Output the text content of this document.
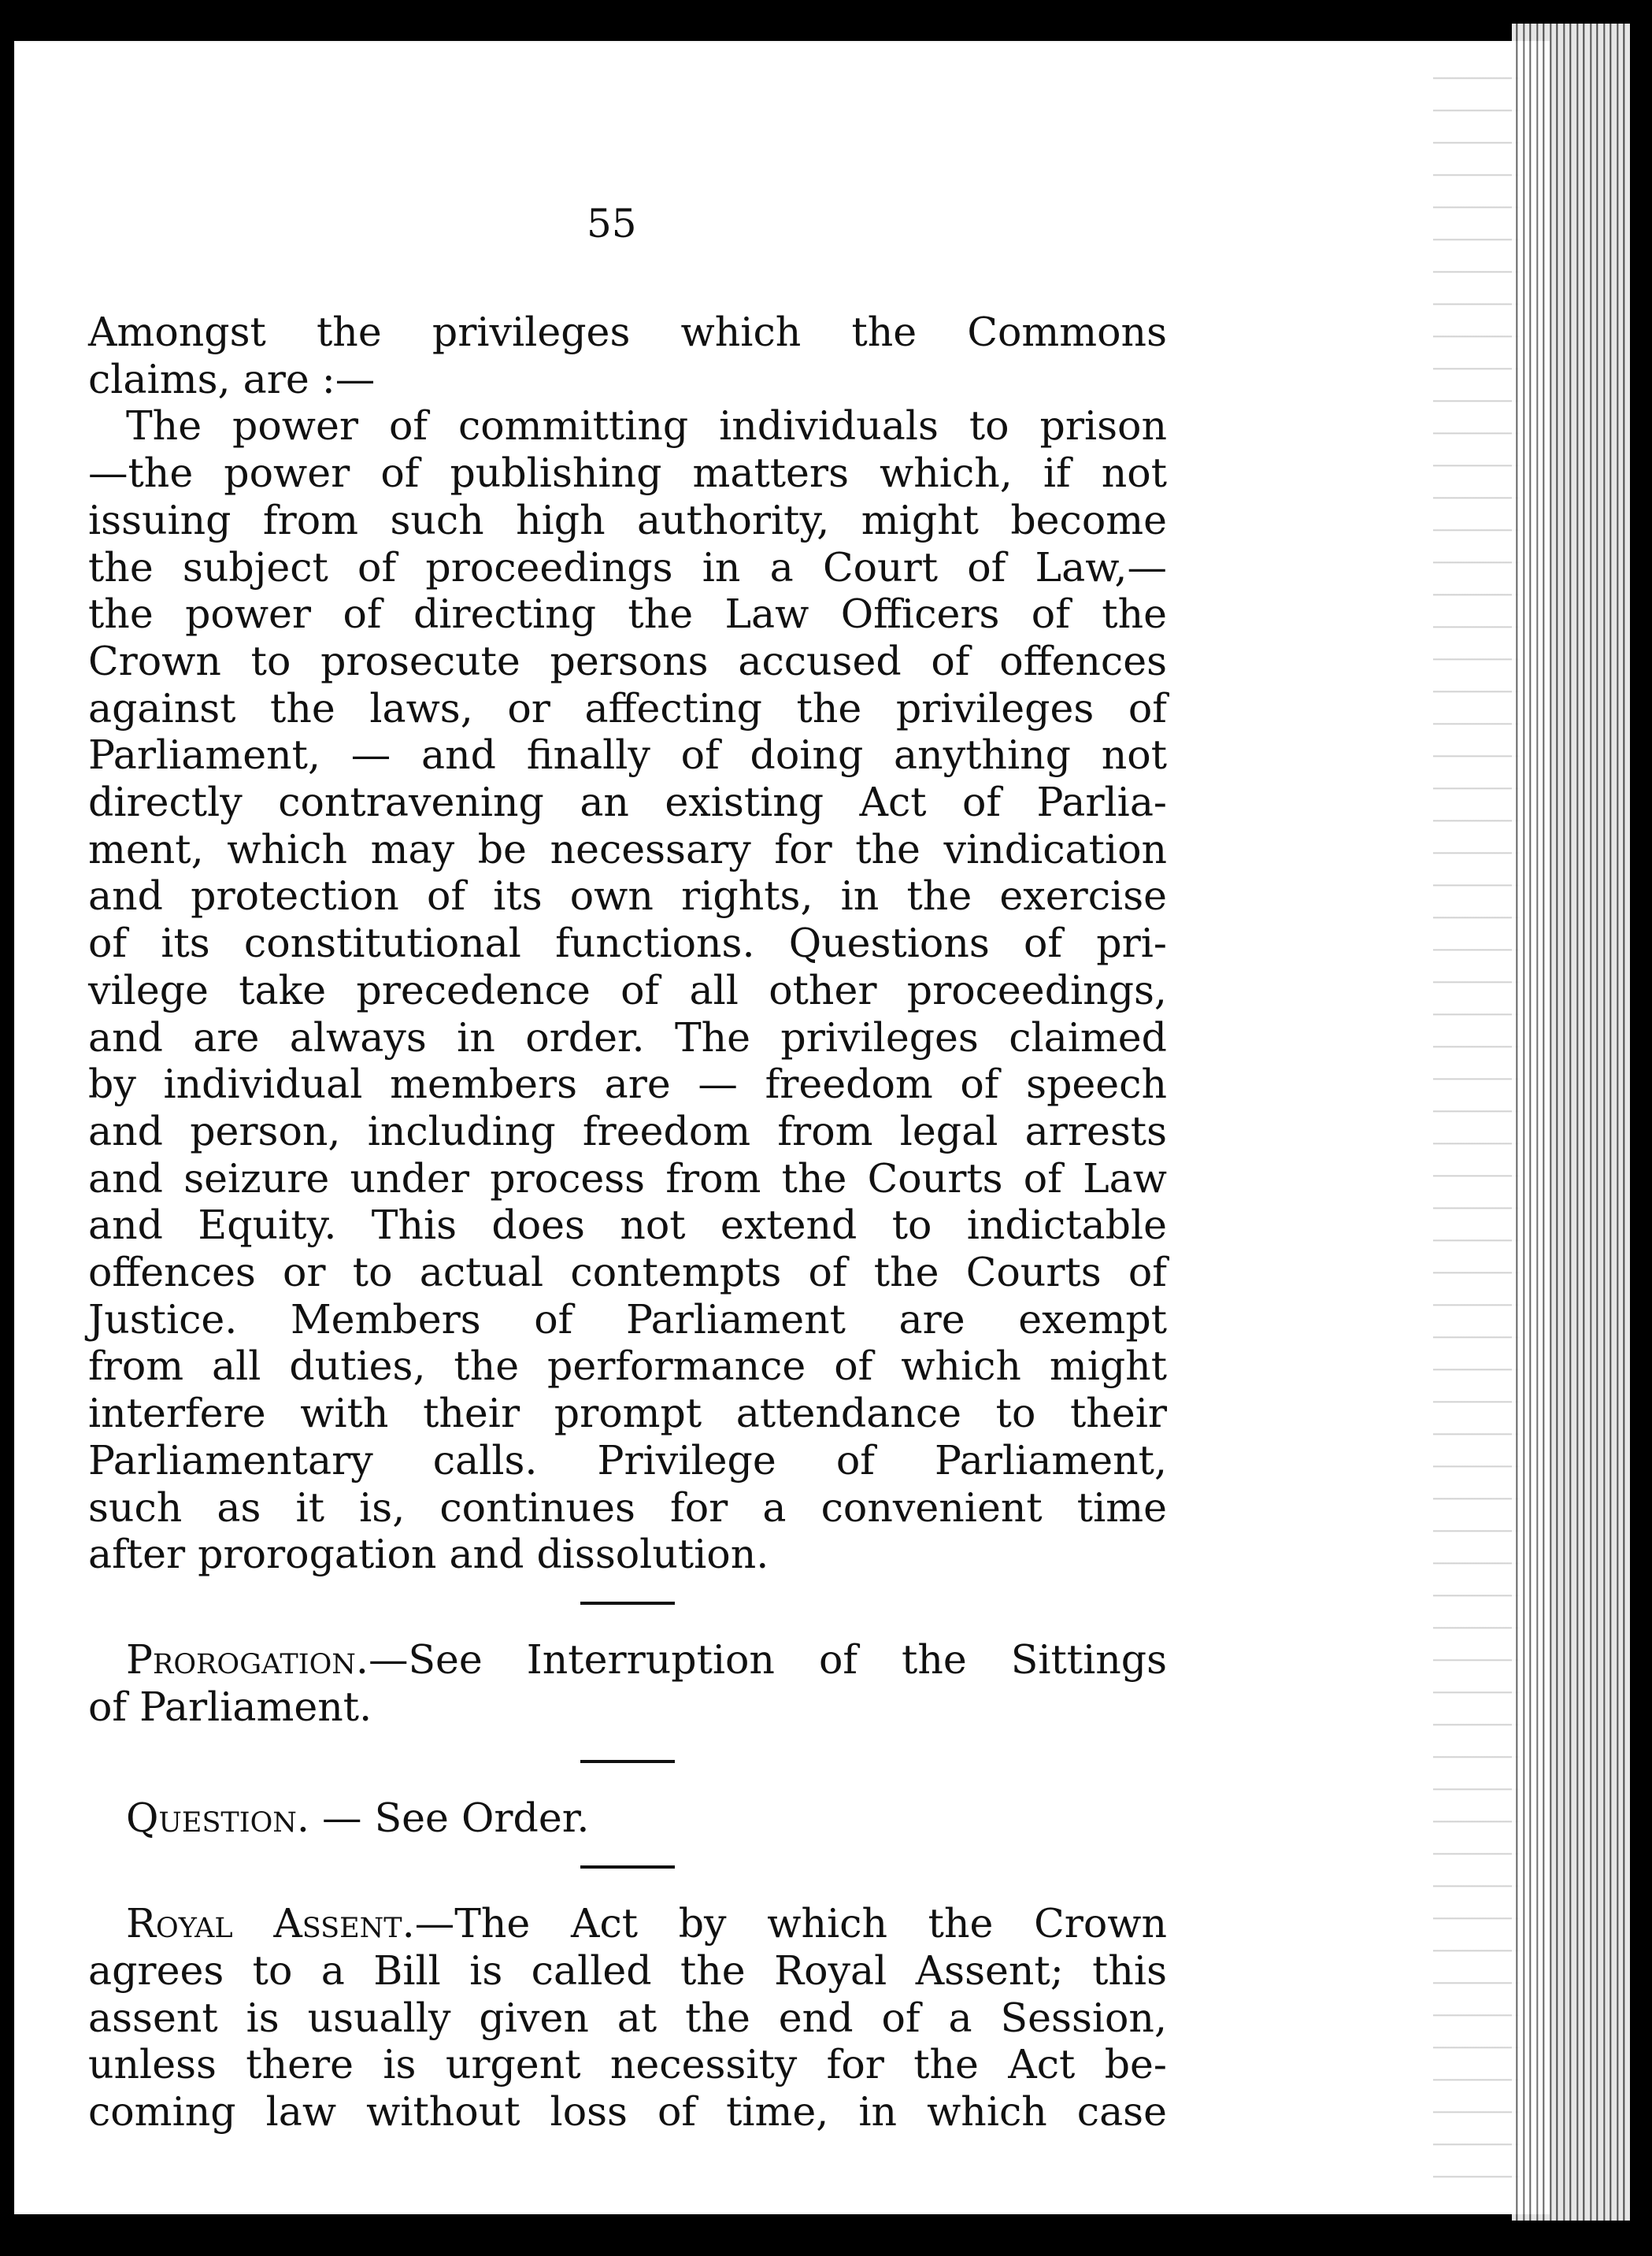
55
Amongst the privileges which the Commons
claims, are :—
The power of committing individuals to prison
—the power of publishing matters which, if not
issuing from such high authority, might become
the subject of proceedings in a Court of Law,—
the power of directing the Law Officers of the
Crown to prosecute persons accused of offences
against the laws, or affecting the privileges of
Parliament, — and finally of doing anything not
directly contravening an existing Act of Parlia-
ment, which may be necessary for the vindication
and protection of its own rights, in the exercise
of its constitutional functions. Questions of pri-
vilege take precedence of all other proceedings,
and are always in order. The privileges claimed
by individual members are — freedom of speech
and person, including freedom from legal arrests
and seizure under process from the Courts of Law
and Equity. This does not extend to indictable
offences or to actual contempts of the Courts of
Justice. Members of Parliament are exempt
from all duties, the performance of which might
interfere with their prompt attendance to their
Parliamentary calls. Privilege of Parliament,
such as it is, continues for a convenient time
after prorogation and dissolution.
Prorogation.—See Interruption of the Sittings
of Parliament.
Question. — See Order.
Royal Assent.—The Act by which the Crown
agrees to a Bill is called the Royal Assent; this
assent is usually given at the end of a Session,
unless there is urgent necessity for the Act be-
coming law without loss of time, in which case
